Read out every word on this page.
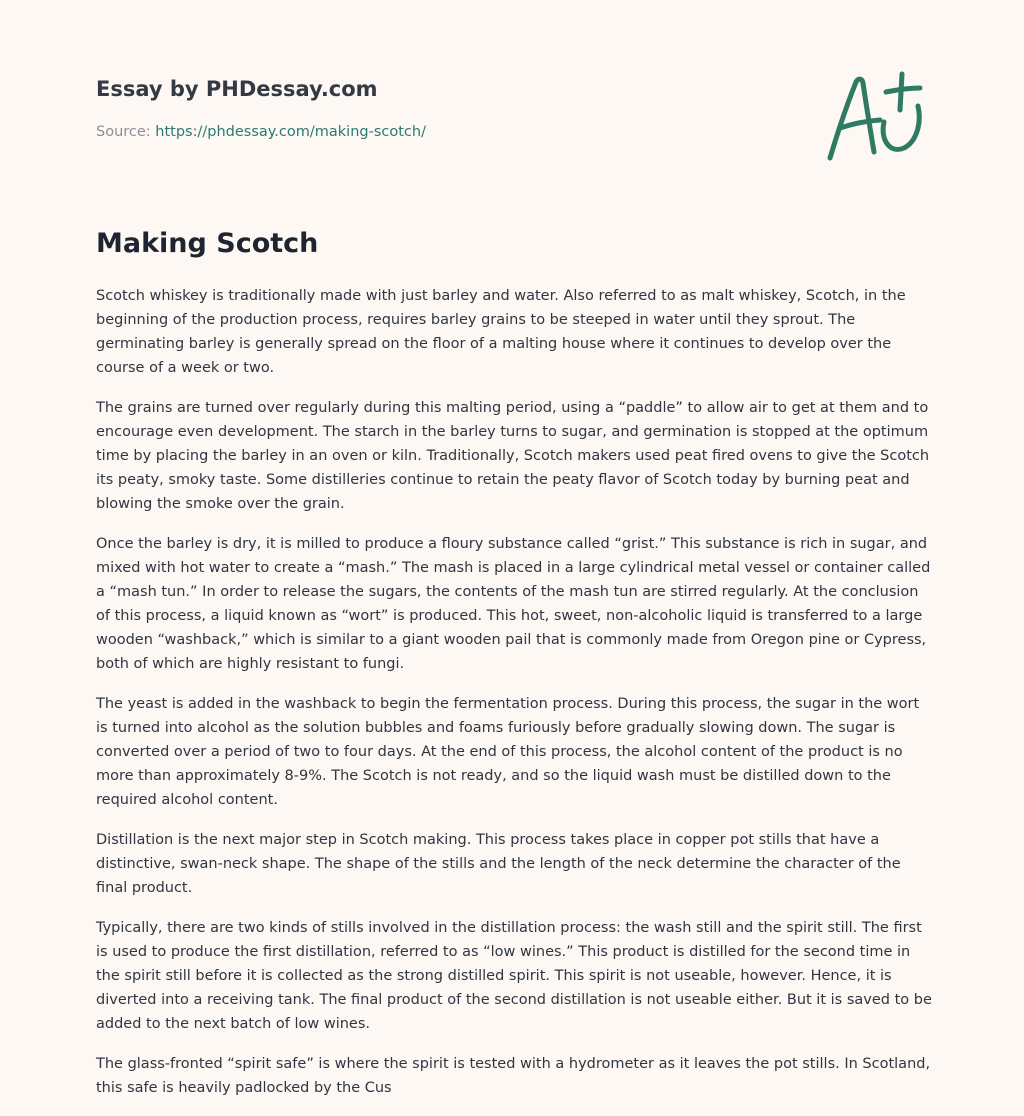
Essay by PHDessay.com
Source: https://phdessay.com/making-scotch/
Making Scotch

Scotch whiskey is traditionally made with just barley and water. Also referred to as malt whiskey, Scotch, in the beginning of the production process, requires barley grains to be steeped in water until they sprout. The germinating barley is generally spread on the floor of a malting house where it continues to develop over the course of a week or two.

The grains are turned over regularly during this malting period, using a “paddle” to allow air to get at them and to encourage even development. The starch in the barley turns to sugar, and germination is stopped at the optimum time by placing the barley in an oven or kiln. Traditionally, Scotch makers used peat fired ovens to give the Scotch its peaty, smoky taste. Some distilleries continue to retain the peaty flavor of Scotch today by burning peat and blowing the smoke over the grain.

Once the barley is dry, it is milled to produce a floury substance called “grist.” This substance is rich in sugar, and mixed with hot water to create a “mash.” The mash is placed in a large cylindrical metal vessel or container called a “mash tun.” In order to release the sugars, the contents of the mash tun are stirred regularly. At the conclusion of this process, a liquid known as “wort” is produced. This hot, sweet, non-alcoholic liquid is transferred to a large wooden “washback,” which is similar to a giant wooden pail that is commonly made from Oregon pine or Cypress, both of which are highly resistant to fungi.

The yeast is added in the washback to begin the fermentation process. During this process, the sugar in the wort is turned into alcohol as the solution bubbles and foams furiously before gradually slowing down. The sugar is converted over a period of two to four days. At the end of this process, the alcohol content of the product is no more than approximately 8-9%. The Scotch is not ready, and so the liquid wash must be distilled down to the required alcohol content.

Distillation is the next major step in Scotch making. This process takes place in copper pot stills that have a distinctive, swan-neck shape. The shape of the stills and the length of the neck determine the character of the final product.

Typically, there are two kinds of stills involved in the distillation process: the wash still and the spirit still. The first is used to produce the first distillation, referred to as “low wines.” This product is distilled for the second time in the spirit still before it is collected as the strong distilled spirit. This spirit is not useable, however. Hence, it is diverted into a receiving tank. The final product of the second distillation is not useable either. But it is saved to be added to the next batch of low wines.

The glass-fronted “spirit safe” is where the spirit is tested with a hydrometer as it leaves the pot stills. In Scotland, this safe is heavily padlocked by the Cus
